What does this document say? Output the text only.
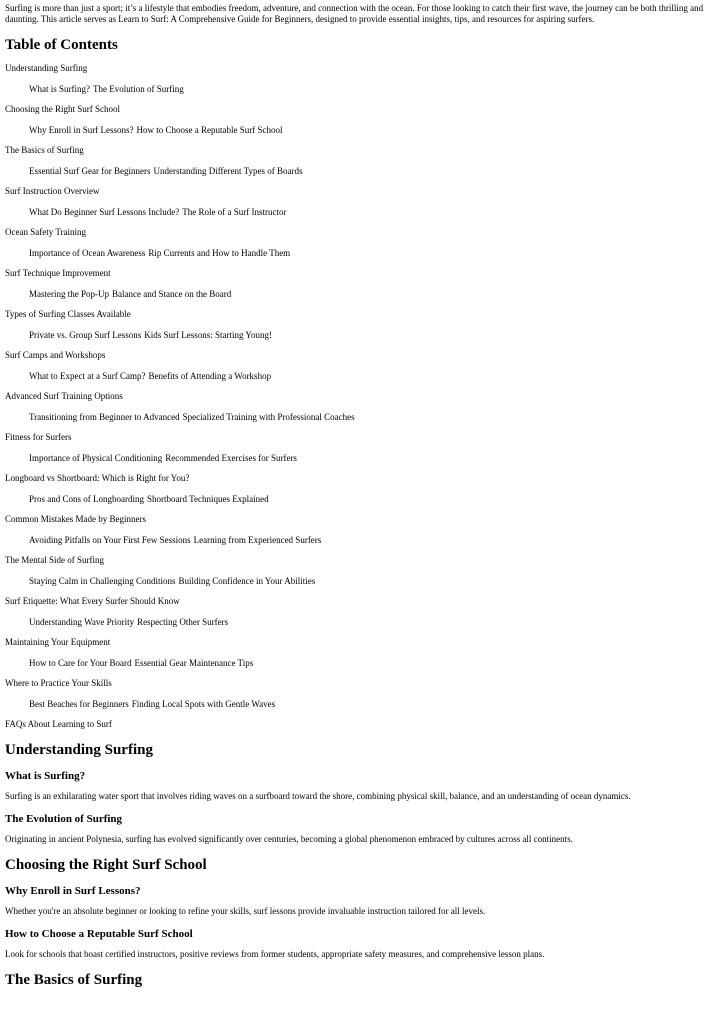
Surfing is more than just a sport; it’s a lifestyle that embodies freedom, adventure, and connection with the ocean. For those looking to catch their first wave, the journey can be both thrilling and daunting. This article serves as Learn to Surf: A Comprehensive Guide for Beginners, designed to provide essential insights, tips, and resources for aspiring surfers.

Table of Contents
Understanding Surfing
What is Surfing? The Evolution of Surfing
Choosing the Right Surf School
Why Enroll in Surf Lessons? How to Choose a Reputable Surf School
The Basics of Surfing
Essential Surf Gear for Beginners Understanding Different Types of Boards
Surf Instruction Overview
What Do Beginner Surf Lessons Include? The Role of a Surf Instructor
Ocean Safety Training
Importance of Ocean Awareness Rip Currents and How to Handle Them
Surf Technique Improvement
Mastering the Pop-Up Balance and Stance on the Board
Types of Surfing Classes Available
Private vs. Group Surf Lessons Kids Surf Lessons: Starting Young!
Surf Camps and Workshops
What to Expect at a Surf Camp? Benefits of Attending a Workshop
Advanced Surf Training Options
Transitioning from Beginner to Advanced Specialized Training with Professional Coaches
Fitness for Surfers
Importance of Physical Conditioning Recommended Exercises for Surfers
Longboard vs Shortboard: Which is Right for You?
Pros and Cons of Longboarding Shortboard Techniques Explained
Common Mistakes Made by Beginners
Avoiding Pitfalls on Your First Few Sessions Learning from Experienced Surfers
The Mental Side of Surfing
Staying Calm in Challenging Conditions Building Confidence in Your Abilities
Surf Etiquette: What Every Surfer Should Know
Understanding Wave Priority Respecting Other Surfers
Maintaining Your Equipment
How to Care for Your Board Essential Gear Maintenance Tips
Where to Practice Your Skills
Best Beaches for Beginners Finding Local Spots with Gentle Waves
FAQs About Learning to Surf
Understanding Surfing
What is Surfing?

Surfing is an exhilarating water sport that involves riding waves on a surfboard toward the shore, combining physical skill, balance, and an understanding of ocean dynamics.

The Evolution of Surfing

Originating in ancient Polynesia, surfing has evolved significantly over centuries, becoming a global phenomenon embraced by cultures across all continents.

Choosing the Right Surf School
Why Enroll in Surf Lessons?

Whether you're an absolute beginner or looking to refine your skills, surf lessons provide invaluable instruction tailored for all levels.

How to Choose a Reputable Surf School

Look for schools that boast certified instructors, positive reviews from former students, appropriate safety measures, and comprehensive lesson plans.

The Basics of Surfing
